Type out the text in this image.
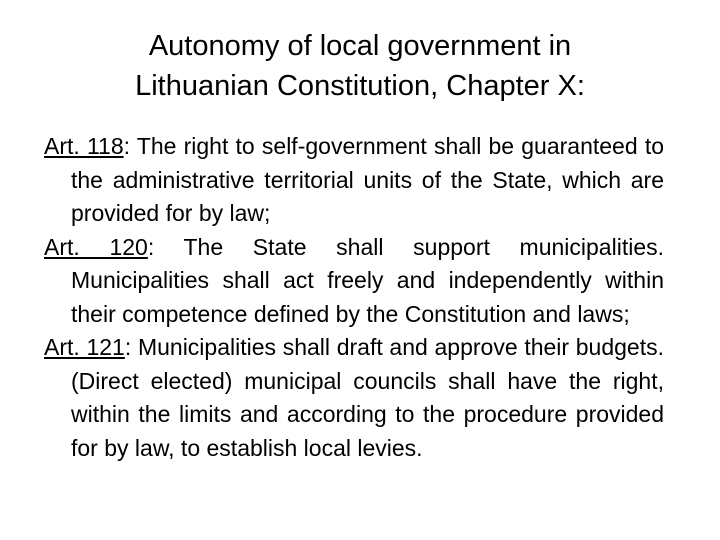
Autonomy of local government in
Lithuanian Constitution, Chapter X:

Art. 118: The right to self-government shall be guaranteed to the administrative territorial units of the State, which are provided for by law;

Art. 120: The State shall support municipalities. Municipalities shall act freely and independently within their competence defined by the Constitution and laws;

Art. 121: Municipalities shall draft and approve their budgets. (Direct elected) municipal councils shall have the right, within the limits and according to the procedure provided for by law, to establish local levies.
